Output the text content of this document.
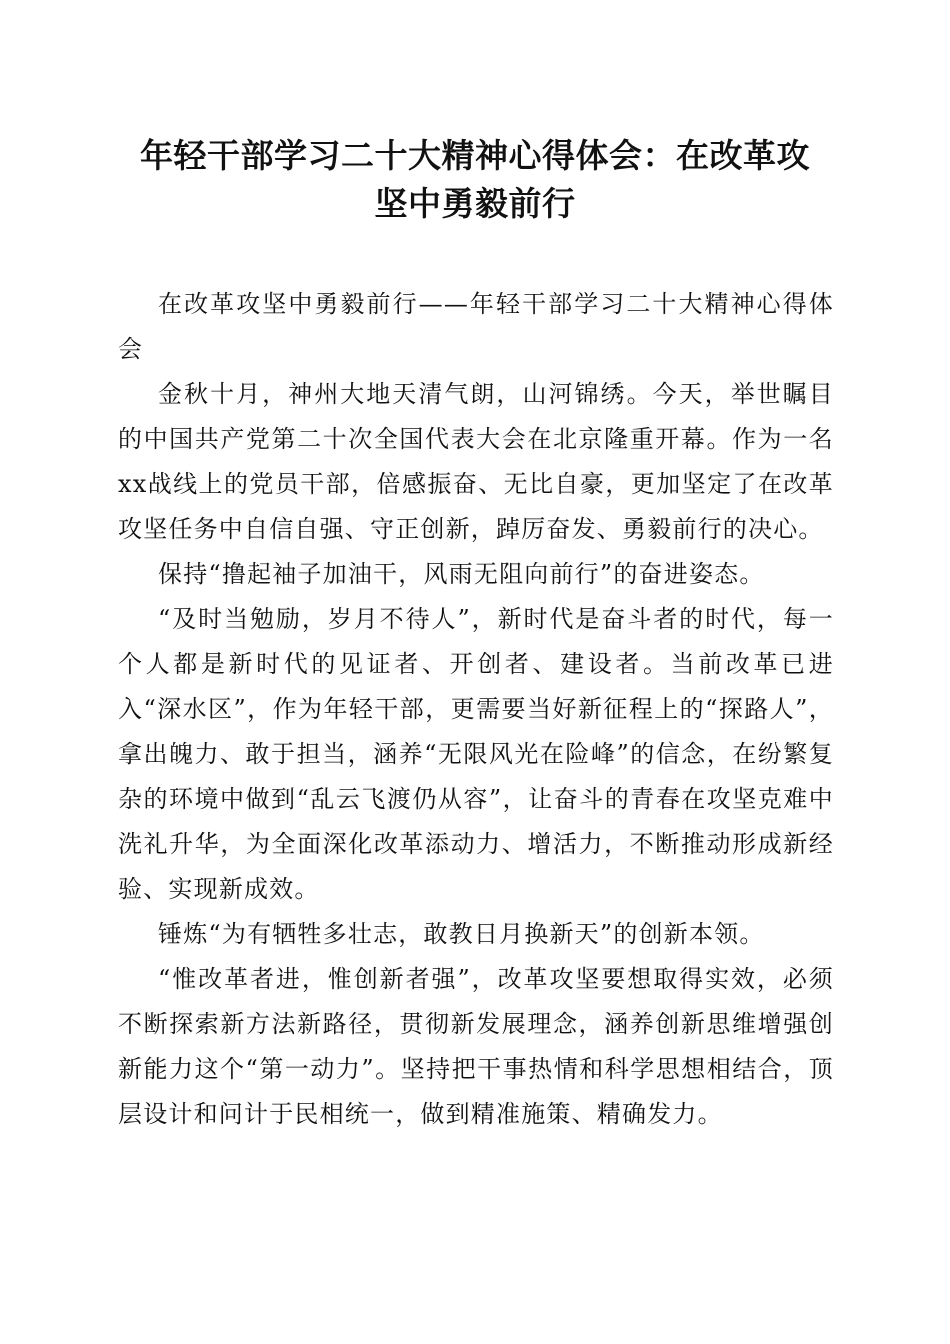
年轻干部学习二十大精神心得体会：在改革攻
坚中勇毅前行

在改革攻坚中勇毅前行——年轻干部学习二十大精神心得体会

金秋十月，神州大地天清气朗，山河锦绣。今天，举世瞩目的中国共产党第二十次全国代表大会在北京隆重开幕。作为一名xx战线上的党员干部，倍感振奋、无比自豪，更加坚定了在改革攻坚任务中自信自强、守正创新，踔厉奋发、勇毅前行的决心。

保持“撸起袖子加油干，风雨无阻向前行”的奋进姿态。

“及时当勉励，岁月不待人”，新时代是奋斗者的时代，每一个人都是新时代的见证者、开创者、建设者。当前改革已进入“深水区”，作为年轻干部，更需要当好新征程上的“探路人”，拿出魄力、敢于担当，涵养“无限风光在险峰”的信念，在纷繁复杂的环境中做到“乱云飞渡仍从容”，让奋斗的青春在攻坚克难中洗礼升华，为全面深化改革添动力、增活力，不断推动形成新经验、实现新成效。

锤炼“为有牺牲多壮志，敢教日月换新天”的创新本领。

“惟改革者进，惟创新者强”，改革攻坚要想取得实效，必须不断探索新方法新路径，贯彻新发展理念，涵养创新思维增强创新能力这个“第一动力”。坚持把干事热情和科学思想相结合，顶层设计和问计于民相统一，做到精准施策、精确发力。
